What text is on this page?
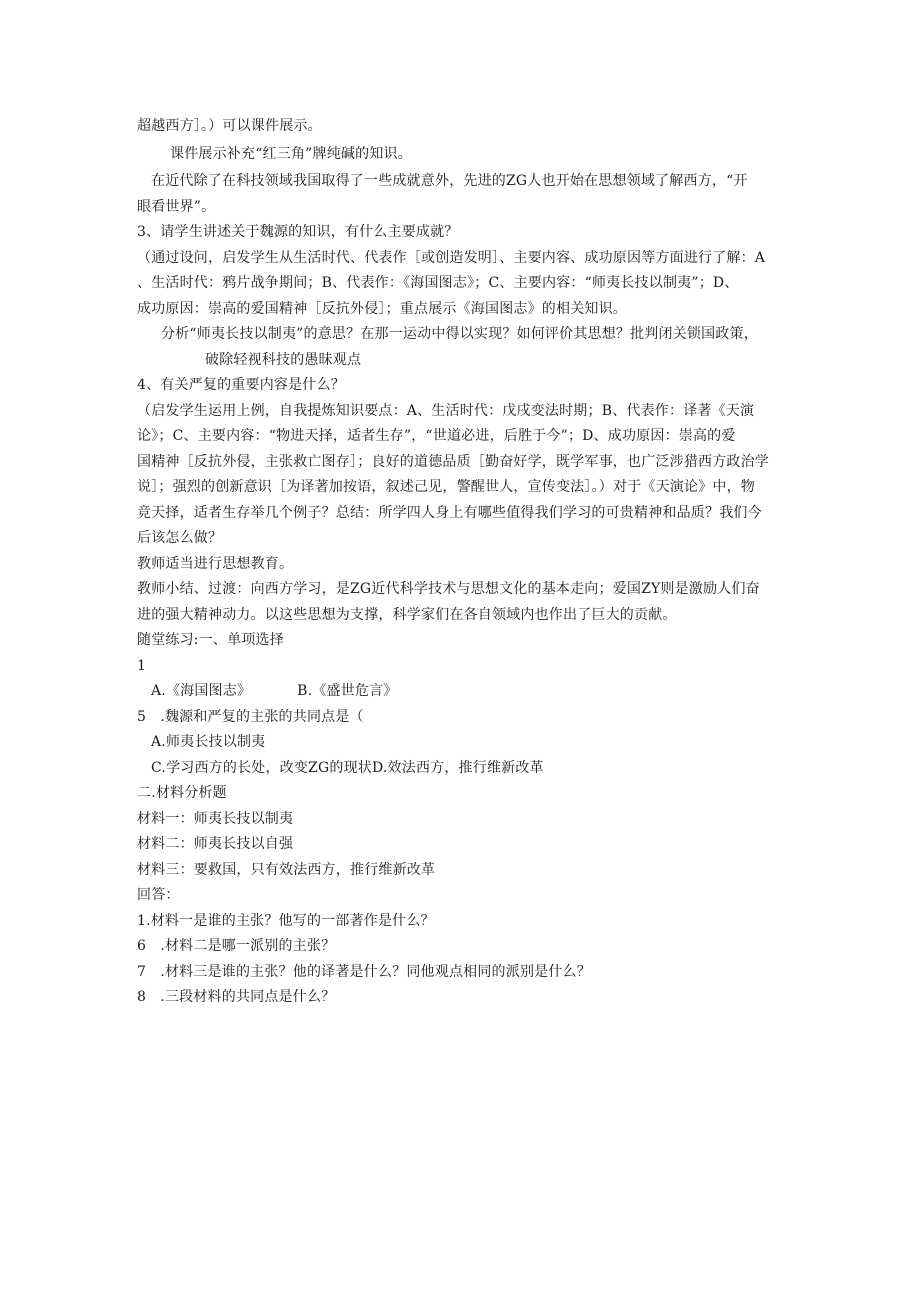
超越西方］。）可以课件展示。
课件展示补充“红三角”牌纯碱的知识。
在近代除了在科技领域我国取得了一些成就意外，先进的ZG人也开始在思想领域了解西方，“开
眼看世界”。
3、请学生讲述关于魏源的知识，有什么主要成就？
（通过设问，启发学生从生活时代、代表作［或创造发明］、主要内容、成功原因等方面进行了解：A
、生活时代：鸦片战争期间；B、代表作：《海国图志》；C、主要内容：“师夷长技以制夷”；D、
成功原因：崇高的爱国精神［反抗外侵］；重点展示《海国图志》的相关知识。
分析“师夷长技以制夷”的意思？在那一运动中得以实现？如何评价其思想？批判闭关锁国政策，
破除轻视科技的愚昧观点
4、有关严复的重要内容是什么？
（启发学生运用上例，自我提炼知识要点：A、生活时代：戊戌变法时期；B、代表作：译著《天演
论》；C、主要内容：“物进天择，适者生存”，“世道必进，后胜于今”；D、成功原因：崇高的爱
国精神［反抗外侵，主张救亡图存］；良好的道德品质［勤奋好学，既学军事，也广泛涉猎西方政治学
说］；强烈的创新意识［为译著加按语，叙述己见，警醒世人，宣传变法］。）对于《天演论》中，物
竞天择，适者生存举几个例子？总结：所学四人身上有哪些值得我们学习的可贵精神和品质？我们今
后该怎么做？
教师适当进行思想教育。
教师小结、过渡：向西方学习，是ZG近代科学技术与思想文化的基本走向；爱国ZY则是激励人们奋
进的强大精神动力。以这些思想为支撑，科学家们在各自领域内也作出了巨大的贡献。
随堂练习:一、单项选择
1
A.《海国图志》	B.《盛世危言》
5　.魏源和严复的主张的共同点是（
A.师夷长技以制夷
C.学习西方的长处，改变ZG的现状D.效法西方，推行维新改革
二.材料分析题
材料一：师夷长技以制夷
材料二：师夷长技以自强
材料三：要救国，只有效法西方，推行维新改革
回答：
1.材料一是谁的主张？他写的一部著作是什么？
6　.材料二是哪一派别的主张？
7　.材料三是谁的主张？他的译著是什么？同他观点相同的派别是什么？
8　.三段材料的共同点是什么？
